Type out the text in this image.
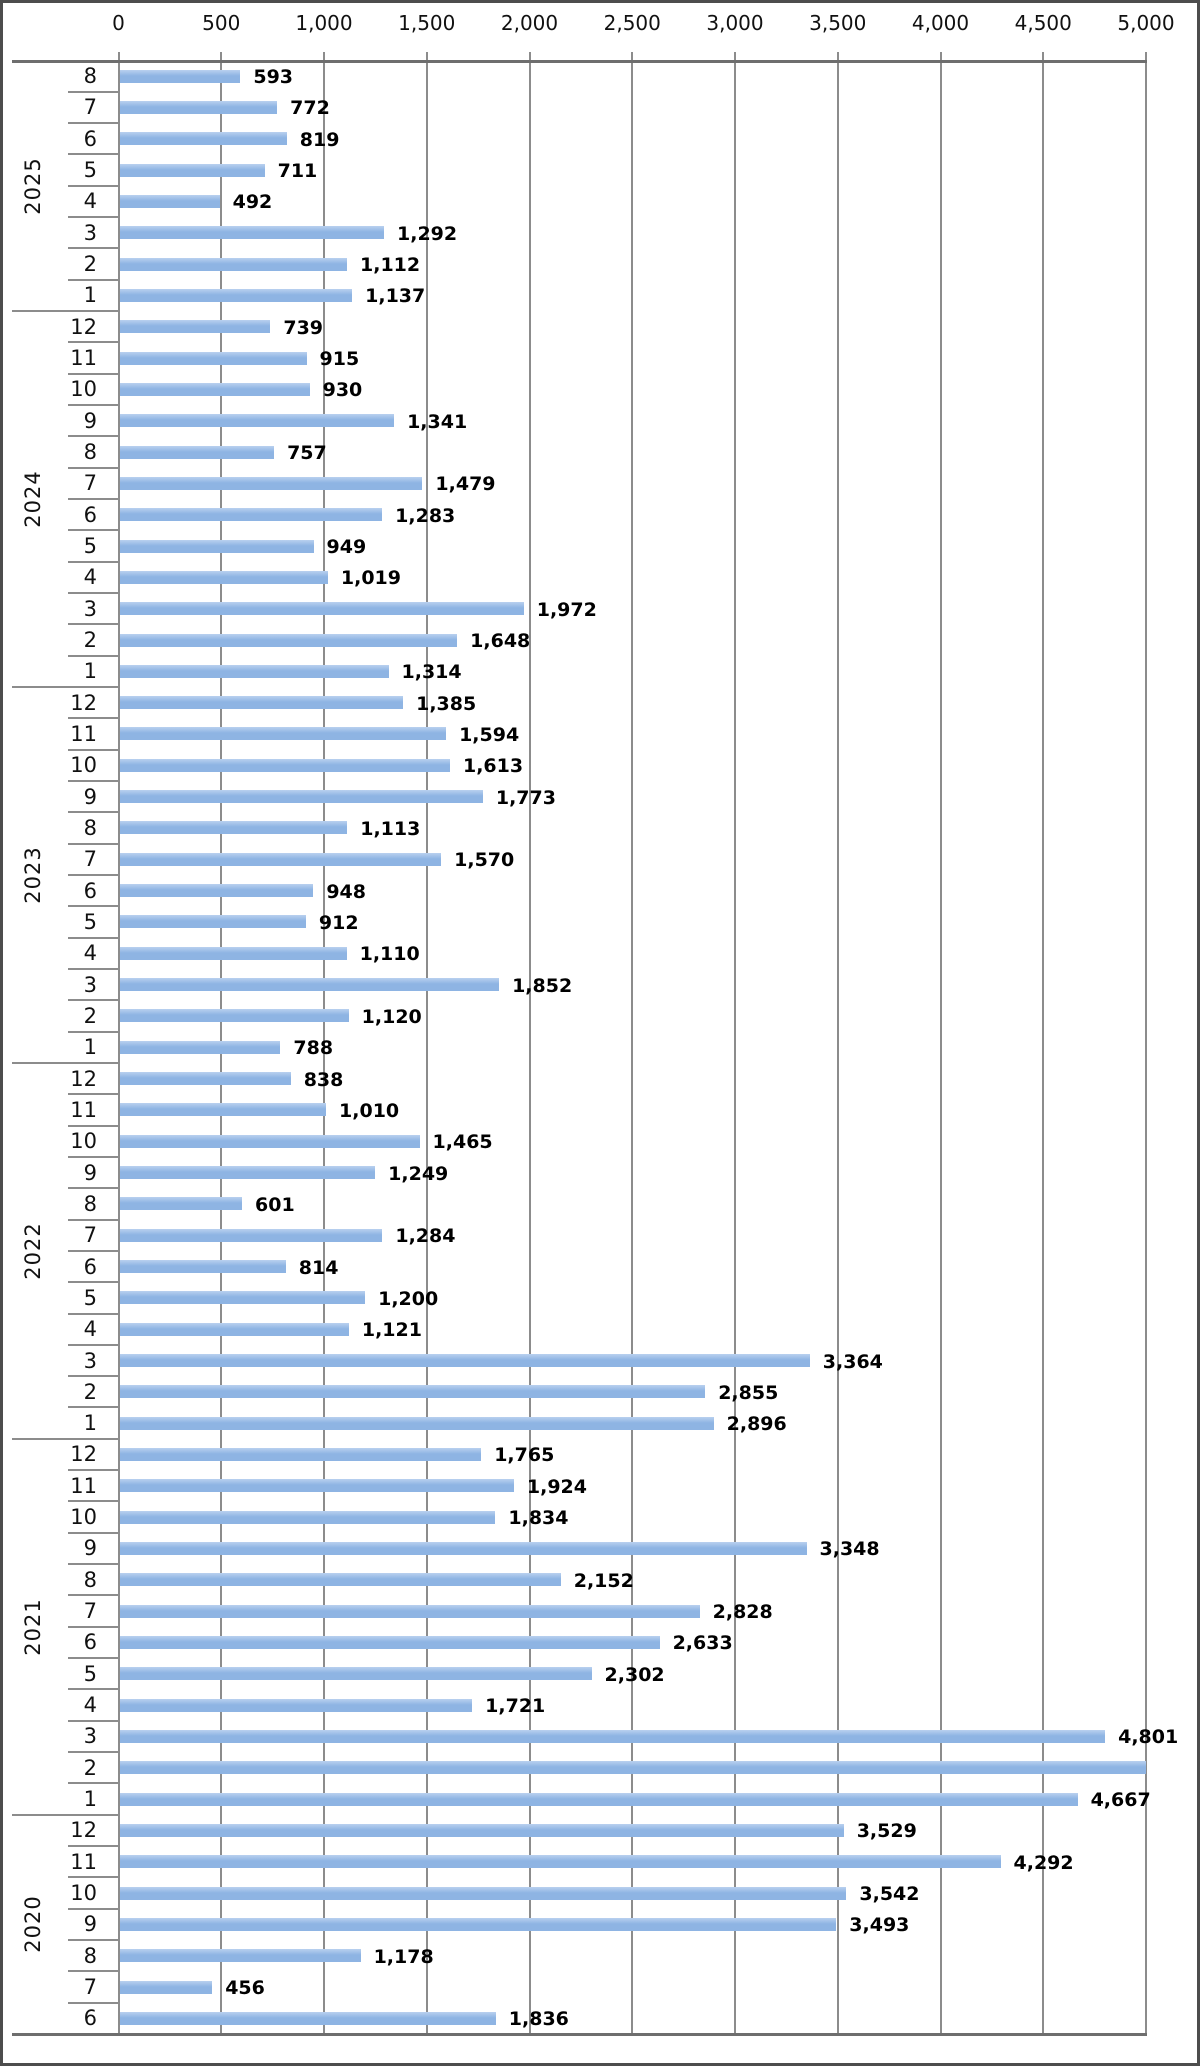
0	500	1,000 1,500 2,000 2,500 3,000 3,500 4,000 4,500 5,000
8	593
7	772
6	819
5	711
4	492
3	1,292
2	1,112
1	1,137
2025
12	739
11	915
10	930
9	1,341
8	757
7	1,479
6	1,283
5	949
4	1,019
3	1,972
2	1,648
1	1,314
2024
12	1,385
11	1,594
10	1,613
9	1,773
8	1,113
7	1,570
6	948
5	912
4	1,110
3	1,852
2	1,120
1	788
2023
12	838
11	1,010
10	1,465
9	1,249
8	601
7	1,284
6	814
5	1,200
4	1,121
3	3,364
2	2,855
1	2,896
2022
12	1,765
11	1,924
10	1,834
9	3,348
8	2,152
7	2,828
6	2,633
5	2,302
4	1,721
3	4,801
2
1	4,667
2021
12	3,529
11	4,292
10	3,542
9	3,493
8	1,178
7	456
6	1,836
2020
